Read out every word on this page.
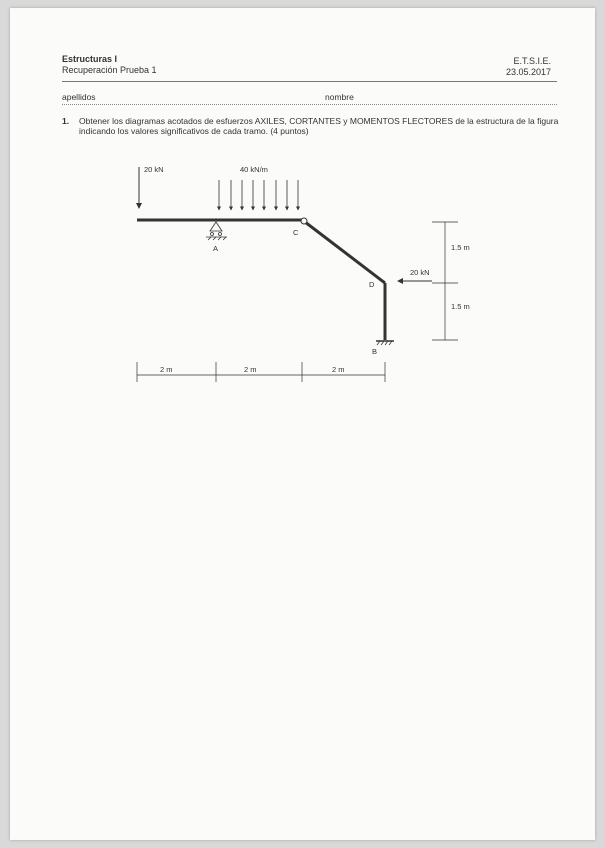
Estructuras I
Recuperación Prueba 1
E.T.S.I.E.
23.05.2017
apellidos	nombre
1. Obtener los diagramas acotados de esfuerzos AXILES, CORTANTES y MOMENTOS FLECTORES de la estructura de la figura indicando los valores significativos de cada tramo. (4 puntos)
20 kN	40 kN/m
20 kN
A
C
D
B
1.5 m
1.5 m
2 m	2 m	2 m
